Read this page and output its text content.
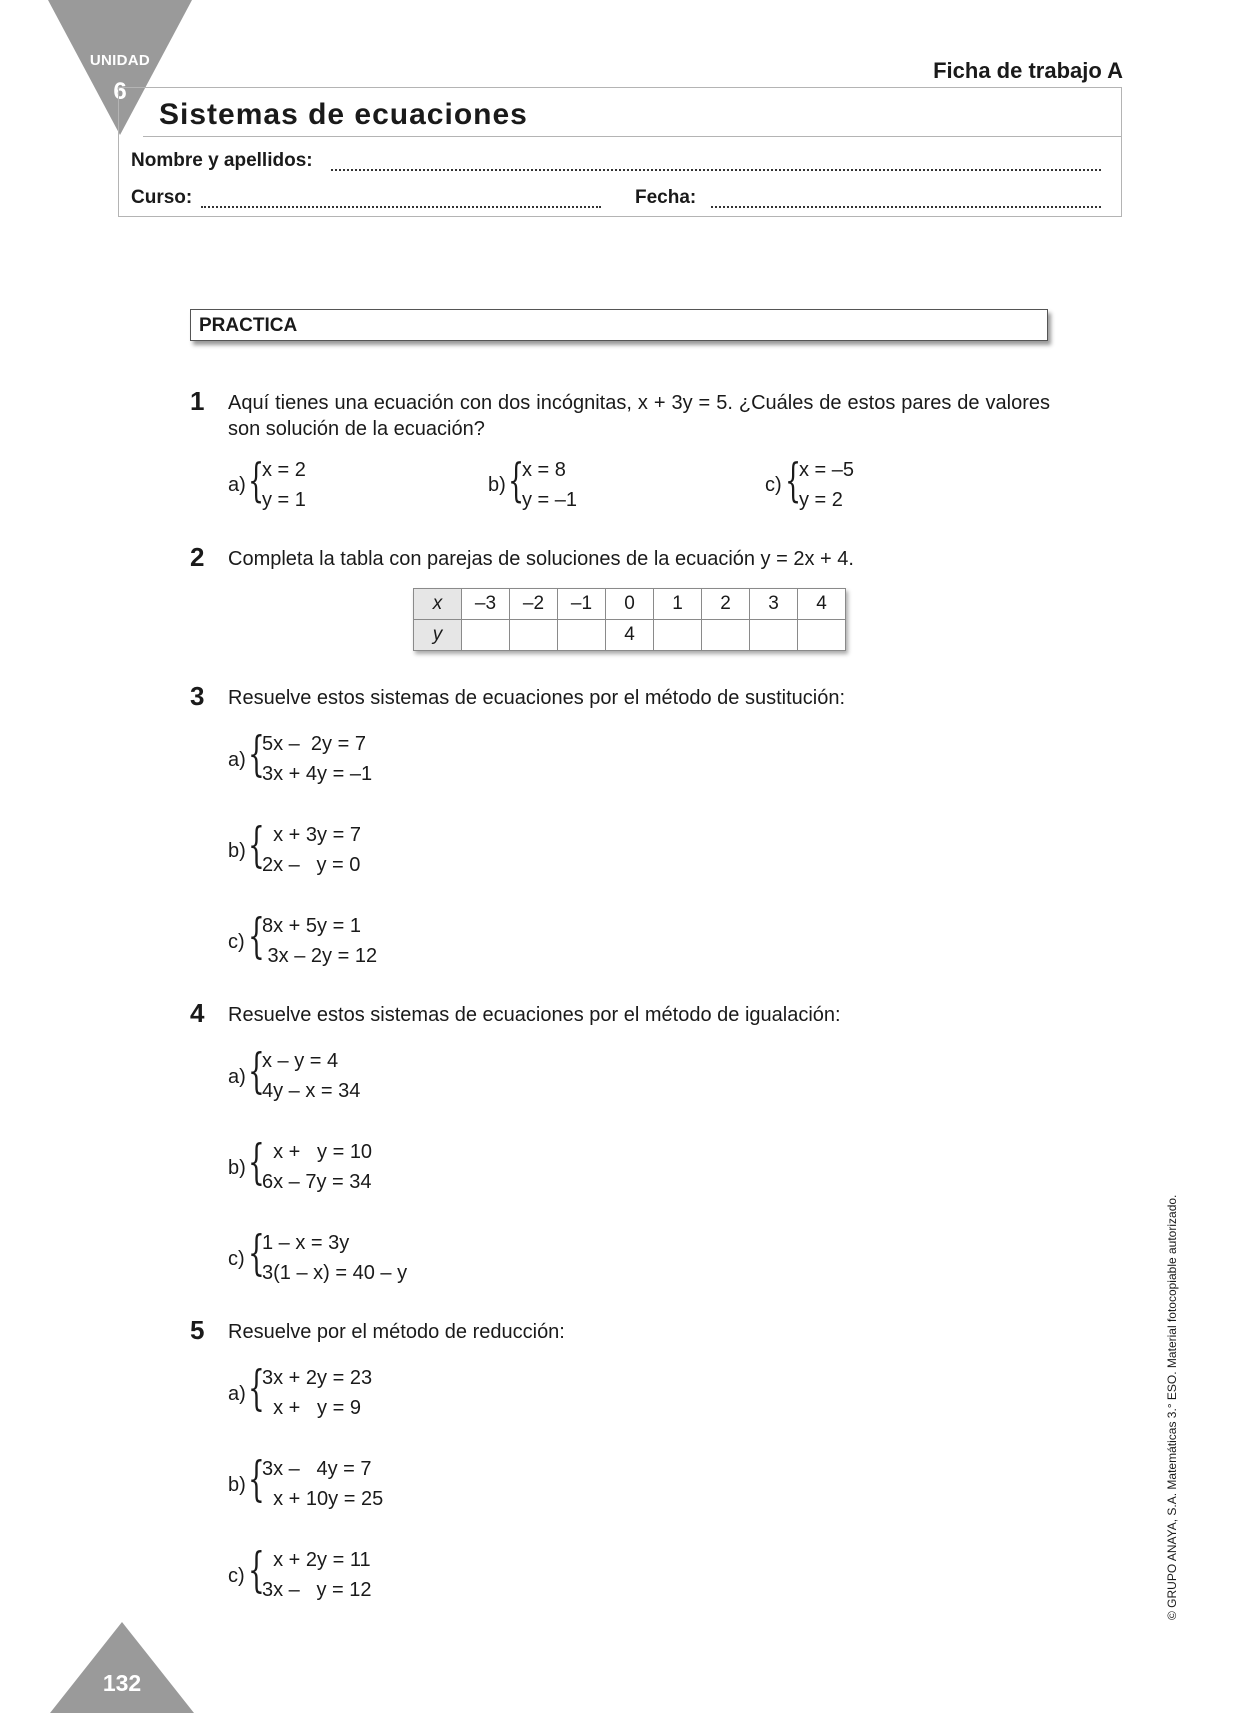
UNIDAD
6
Ficha de trabajo A
Sistemas de ecuaciones
Nombre y apellidos:
Curso:	Fecha:
PRACTICA
1 Aquí tienes una ecuación con dos incógnitas, x + 3y = 5. ¿Cuáles de estos pares de valores son solución de la ecuación?
a) {
x = 2
y = 1
b) {
x = 8
y = –1
c) {
x = –5
y = 2
2 Completa la tabla con parejas de soluciones de la ecuación y = 2x + 4.
x	–3	–2	–1	0	1	2	3	4
y				4				
3 Resuelve estos sistemas de ecuaciones por el método de sustitución:
a) {
5x –  2y = 7
3x + 4y = –1
b) {
x + 3y = 7
2x –   y = 0
c) {
8x + 5y = 1
3x – 2y = 12
4 Resuelve estos sistemas de ecuaciones por el método de igualación:
a) {
x – y = 4
4y – x = 34
b) {
x +   y = 10
6x – 7y = 34
c) {
1 – x = 3y
3(1 – x) = 40 – y
5 Resuelve por el método de reducción:
a) {
3x + 2y = 23
x +   y = 9
b) {
3x –   4y = 7
x + 10y = 25
c) {
x + 2y = 11
3x –   y = 12	© GRUPO ANAYA, S.A. Matemáticas 3.° ESO. Material fotocopiable autorizado.
132
